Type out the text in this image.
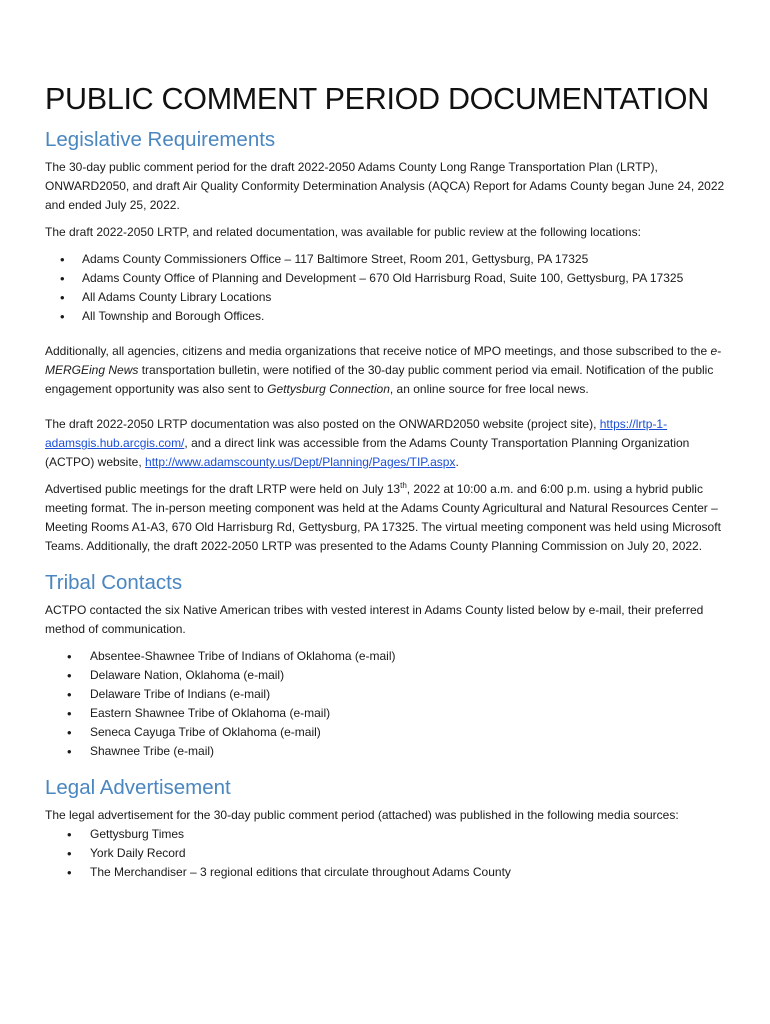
PUBLIC COMMENT PERIOD DOCUMENTATION
Legislative Requirements

The 30-day public comment period for the draft 2022-2050 Adams County Long Range Transportation Plan (LRTP), ONWARD2050, and draft Air Quality Conformity Determination Analysis (AQCA) Report for Adams County began June 24, 2022 and ended July 25, 2022.

The draft 2022-2050 LRTP, and related documentation, was available for public review at the following locations:

• Adams County Commissioners Office – 117 Baltimore Street, Room 201, Gettysburg, PA 17325
• Adams County Office of Planning and Development – 670 Old Harrisburg Road, Suite 100, Gettysburg, PA 17325
• All Adams County Library Locations
• All Township and Borough Offices.

Additionally, all agencies, citizens and media organizations that receive notice of MPO meetings, and those subscribed to the e-MERGEing News transportation bulletin, were notified of the 30-day public comment period via email. Notification of the public engagement opportunity was also sent to Gettysburg Connection, an online source for free local news.

The draft 2022-2050 LRTP documentation was also posted on the ONWARD2050 website (project site), https://lrtp-1-adamsgis.hub.arcgis.com/, and a direct link was accessible from the Adams County Transportation Planning Organization (ACTPO) website, http://www.adamscounty.us/Dept/Planning/Pages/TIP.aspx.

Advertised public meetings for the draft LRTP were held on July 13th, 2022 at 10:00 a.m. and 6:00 p.m. using a hybrid public meeting format. The in-person meeting component was held at the Adams County Agricultural and Natural Resources Center – Meeting Rooms A1-A3, 670 Old Harrisburg Rd, Gettysburg, PA 17325. The virtual meeting component was held using Microsoft Teams. Additionally, the draft 2022-2050 LRTP was presented to the Adams County Planning Commission on July 20, 2022.

Tribal Contacts

ACTPO contacted the six Native American tribes with vested interest in Adams County listed below by e-mail, their preferred method of communication.

• Absentee-Shawnee Tribe of Indians of Oklahoma (e-mail)
• Delaware Nation, Oklahoma (e-mail)
• Delaware Tribe of Indians (e-mail)
• Eastern Shawnee Tribe of Oklahoma (e-mail)
• Seneca Cayuga Tribe of Oklahoma (e-mail)
• Shawnee Tribe (e-mail)
Legal Advertisement

The legal advertisement for the 30-day public comment period (attached) was published in the following media sources:

• Gettysburg Times
• York Daily Record
• The Merchandiser – 3 regional editions that circulate throughout Adams County
